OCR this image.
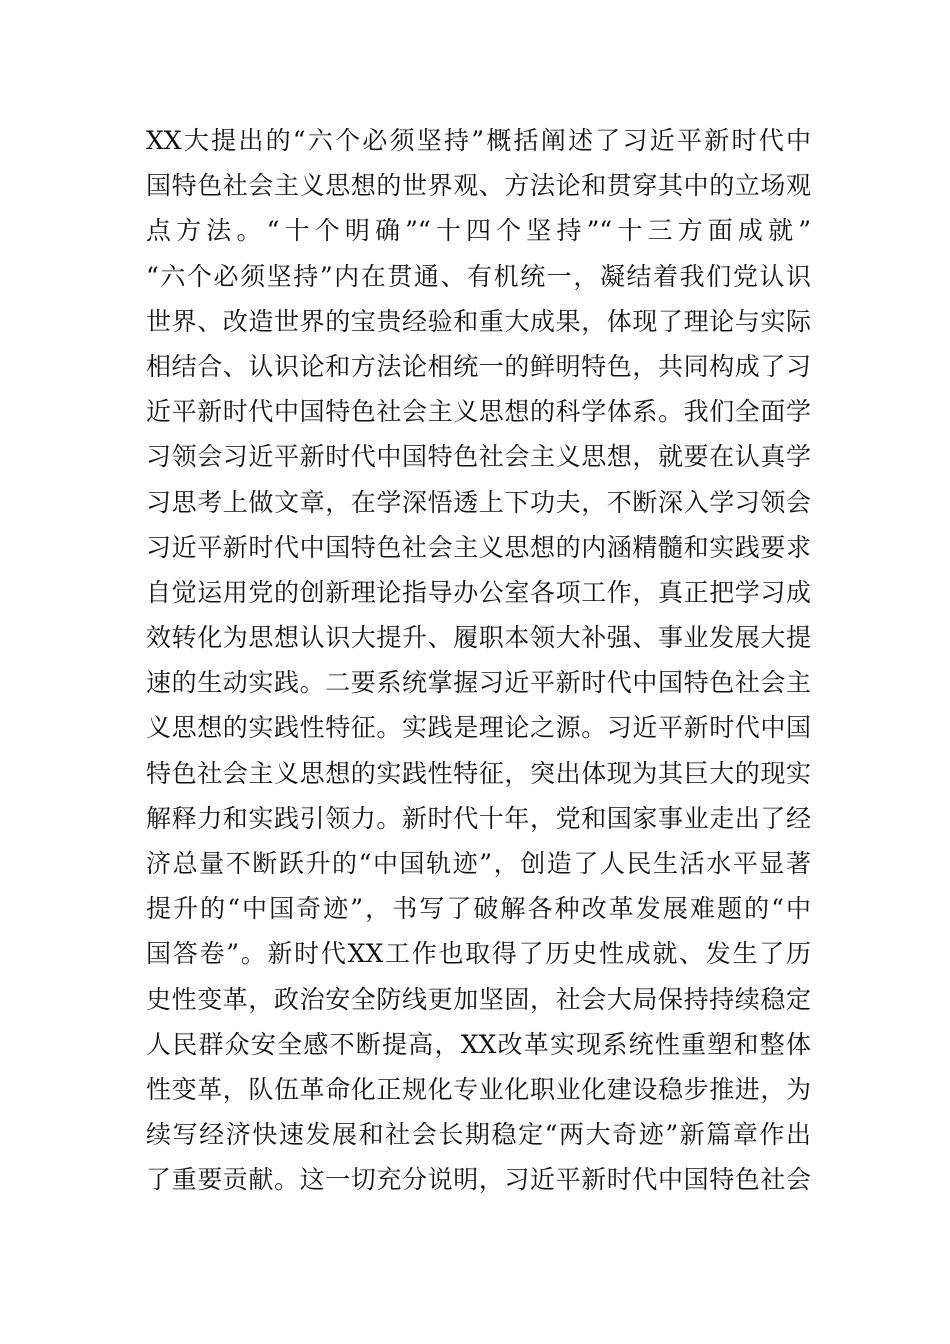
XX大提出的“六个必须坚持”概括阐述了习近平新时代中
国特色社会主义思想的世界观、方法论和贯穿其中的立场观
点方法。“十个明确”“十四个坚持”“十三方面成就”
“六个必须坚持”内在贯通、有机统一，凝结着我们党认识
世界、改造世界的宝贵经验和重大成果，体现了理论与实际
相结合、认识论和方法论相统一的鲜明特色，共同构成了习
近平新时代中国特色社会主义思想的科学体系。我们全面学
习领会习近平新时代中国特色社会主义思想，就要在认真学
习思考上做文章，在学深悟透上下功夫，不断深入学习领会
习近平新时代中国特色社会主义思想的内涵精髓和实践要求
自觉运用党的创新理论指导办公室各项工作，真正把学习成
效转化为思想认识大提升、履职本领大补强、事业发展大提
速的生动实践。二要系统掌握习近平新时代中国特色社会主
义思想的实践性特征。实践是理论之源。习近平新时代中国
特色社会主义思想的实践性特征，突出体现为其巨大的现实
解释力和实践引领力。新时代十年，党和国家事业走出了经
济总量不断跃升的“中国轨迹”，创造了人民生活水平显著
提升的“中国奇迹”，书写了破解各种改革发展难题的“中
国答卷”。新时代XX工作也取得了历史性成就、发生了历
史性变革，政治安全防线更加坚固，社会大局保持持续稳定
人民群众安全感不断提高，XX改革实现系统性重塑和整体
性变革，队伍革命化正规化专业化职业化建设稳步推进，为
续写经济快速发展和社会长期稳定“两大奇迹”新篇章作出
了重要贡献。这一切充分说明，习近平新时代中国特色社会
